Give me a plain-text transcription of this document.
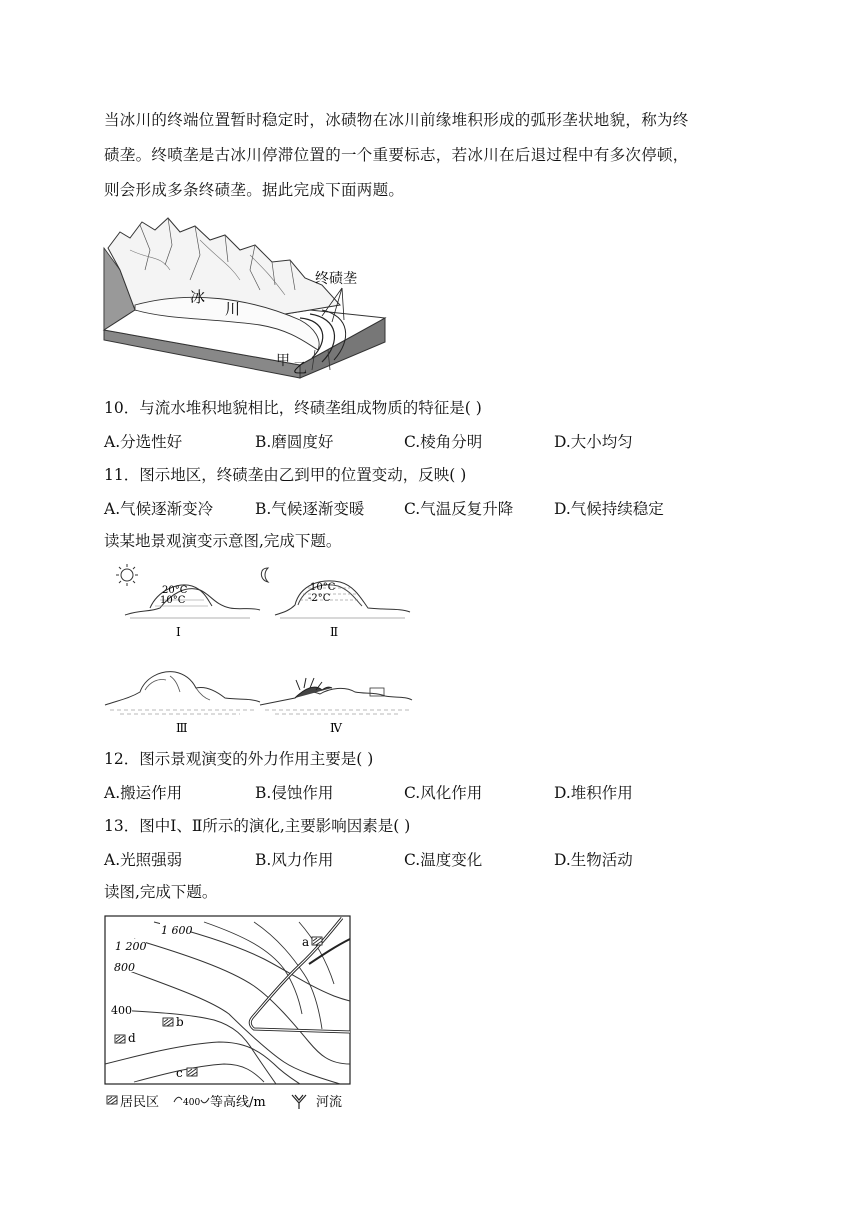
当冰川的终端位置暂时稳定时，冰碛物在冰川前缘堆积形成的弧形垄状地貌，称为终
碛垄。终喷垄是古冰川停滞位置的一个重要标志，若冰川在后退过程中有多次停顿，
则会形成多条终碛垄。据此完成下面两题。
终碛垄
冰
川
甲 乙
10．与流水堆积地貌相比，终碛垄组成物质的特征是( )
A.分选性好	B.磨圆度好	C.棱角分明	D.大小均匀
11．图示地区，终碛垄由乙到甲的位置变动，反映( )
A.气候逐渐变冷	B.气候逐渐变暖	C.气温反复升降	D.气候持续稳定
读某地景观演变示意图,完成下题。
20°C
10°C
Ⅰ
10°C
-2°C
Ⅱ
Ⅲ	Ⅳ
12．图示景观演变的外力作用主要是( )
A.搬运作用	B.侵蚀作用	C.风化作用	D.堆积作用
13．图中Ⅰ、Ⅱ所示的演化,主要影响因素是( )
A.光照强弱	B.风力作用	C.温度变化	D.生物活动
读图,完成下题。
1 600
1 200
800
400
a
b
c
d
居民区	400 等高线/m	河流
